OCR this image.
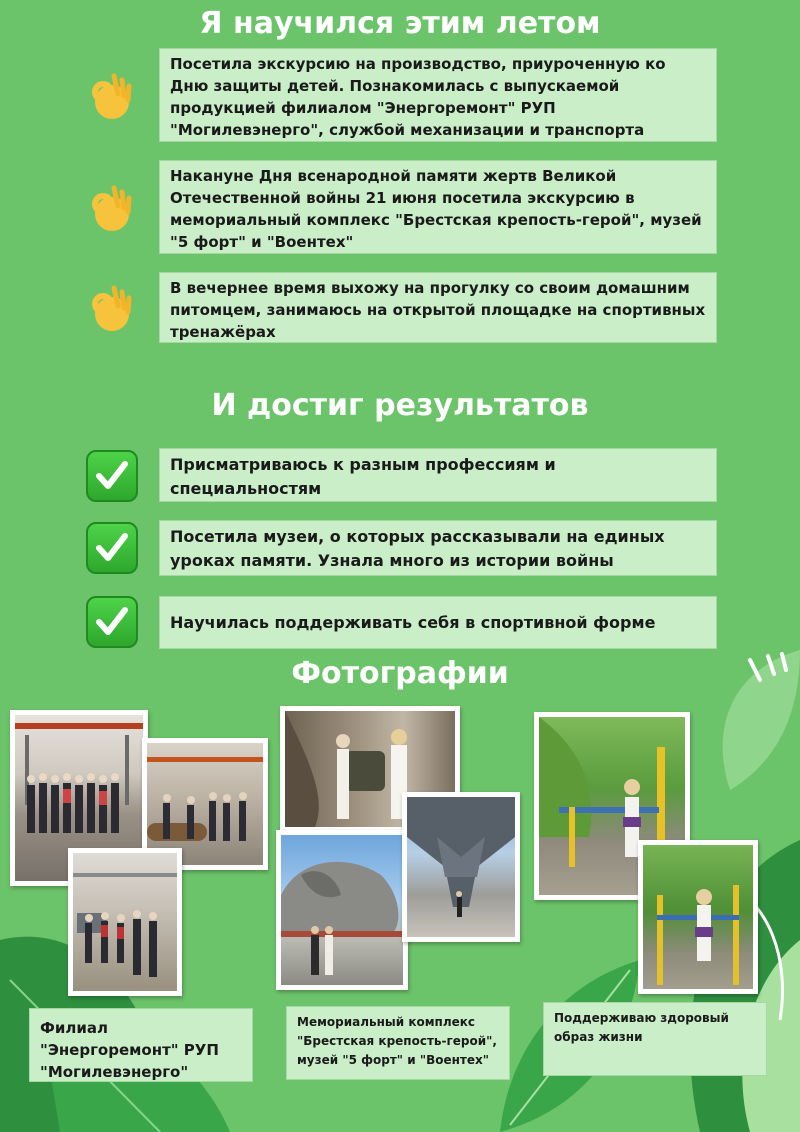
Я научился этим летом
Посетила экскурсию на производство, приуроченную ко Дню защиты детей. Познакомилась с выпускаемой продукцией филиалом "Энергоремонт" РУП "Могилевэнерго", службой механизации и транспорта
Накануне Дня всенародной памяти жертв Великой Отечественной войны 21 июня посетила экскурсию в мемориальный комплекс "Брестская крепость-герой", музей "5 форт" и "Воентех"
В вечернее время выхожу на прогулку со своим домашним питомцем, занимаюсь на открытой площадке на спортивных тренажёрах
И достиг результатов
Присматриваюсь к разным профессиям и специальностям
Посетила музеи, о которых рассказывали на единых уроках памяти. Узнала много из истории войны
Научилась поддерживать себя в спортивной форме
Фотографии
Филиал "Энергоремонт" РУП "Могилевэнерго"
Мемориальный комплекс "Брестская крепость-герой", музей "5 форт" и "Воентех"
Поддерживаю здоровый образ жизни
